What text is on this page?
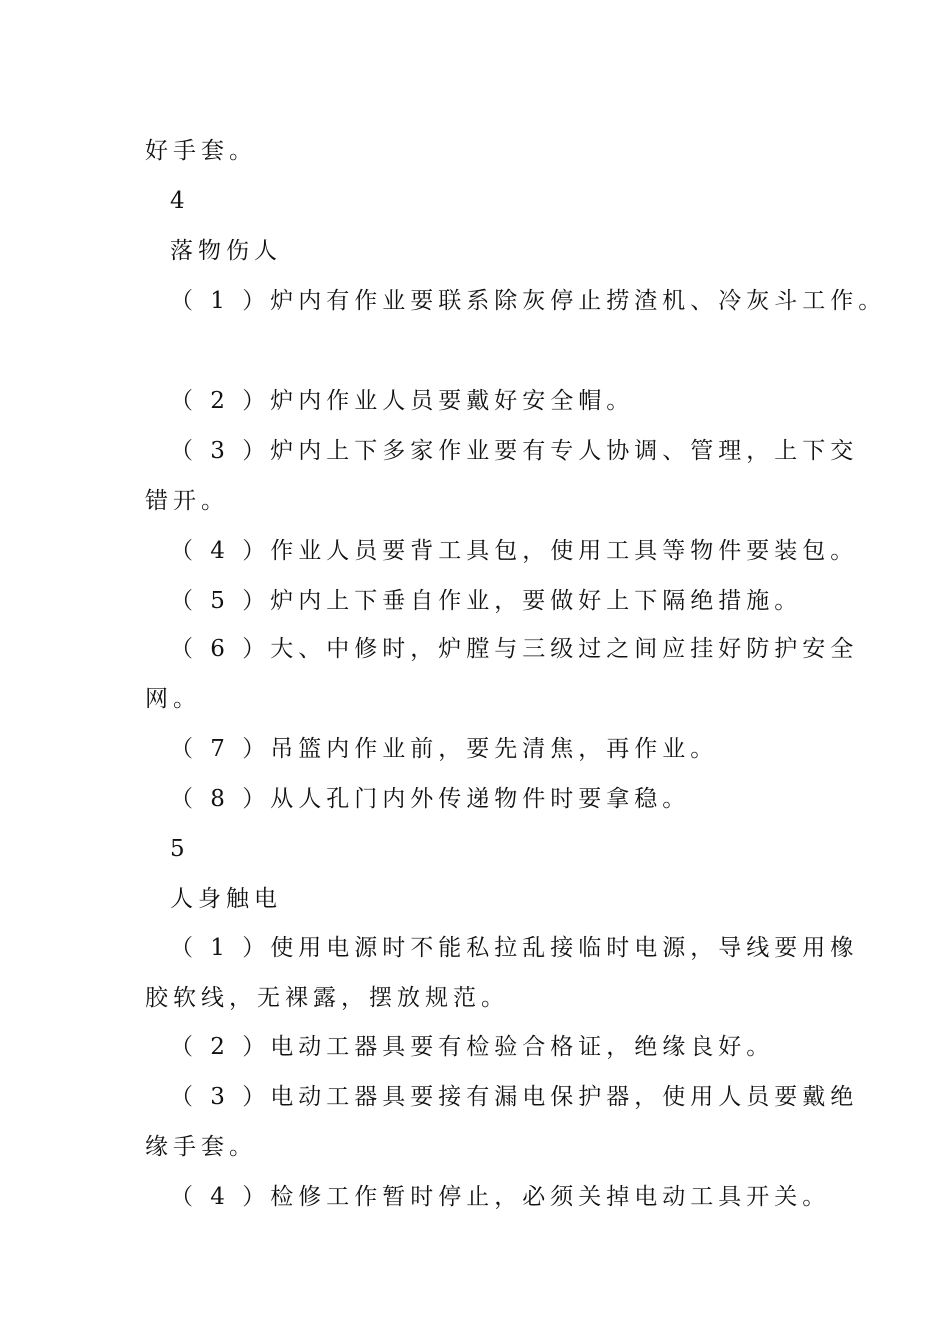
好手套。

4

落物伤人

（ 1 ）炉内有作业要联系除灰停止捞渣机、冷灰斗工作。

（ 2 ）炉内作业人员要戴好安全帽。

（ 3 ）炉内上下多家作业要有专人协调、管理，上下交

错开。

（ 4 ）作业人员要背工具包，使用工具等物件要装包。

（ 5 ）炉内上下垂自作业，要做好上下隔绝措施。

（ 6 ）大、中修时，炉膛与三级过之间应挂好防护安全

网。

（ 7 ）吊篮内作业前，要先清焦，再作业。

（ 8 ）从人孔门内外传递物件时要拿稳。

5

人身触电

（ 1 ）使用电源时不能私拉乱接临时电源，导线要用橡

胶软线，无裸露，摆放规范。

（ 2 ）电动工器具要有检验合格证，绝缘良好。

（ 3 ）电动工器具要接有漏电保护器，使用人员要戴绝

缘手套。

（ 4 ）检修工作暂时停止，必须关掉电动工具开关。
